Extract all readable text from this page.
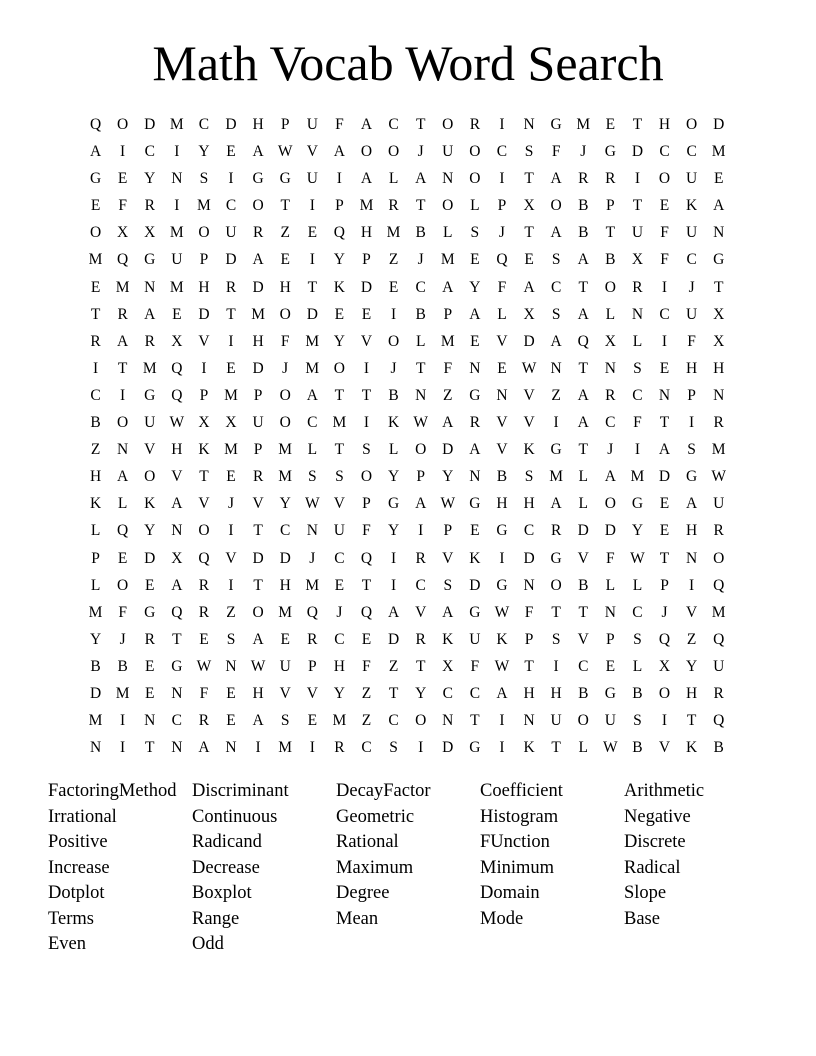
Math Vocab Word Search
Q	O	D M C	D	H	P	U	F	A	C	T	O	R	I	N	G M E	T	H	O	D
A	I	C	I	Y	E	A W V	A	O	O	J	U	O	C	S	F	J	G	D	C	C M
G	E	Y	N	S	I	G	G	U	I	A	L	A	N	O	I	T	A	R	R	I	O	U	E
E	F	R	I	M C	O	T	I	P	M R	T	O	L	P	X	O	B	P	T	E	K	A
O	X	X M O	U	R	Z	E	Q	H M B	L	S	J	T	A	B	T	U	F	U	N
M Q	G	U	P	D	A	E	I	Y	P	Z	J	M E	Q	E	S	A	B	X	F	C	G
E M N M H	R	D	H	T	K	D	E	C	A	Y	F	A	C	T	O	R	I	J	T
T	R	A	E	D	T M O	D	E	E	I	B	P	A	L	X	S	A	L	N	C	U	X
R	A	R	X	V	I	H	F	M Y	V	O	L M E	V	D	A	Q	X	L	I	F	X
I	T M Q	I	E	D	J	M O	I	J	T	F	N	E W N	T	N	S	E	H	H
C	I	G	Q	P	M	P	O	A	T	T	B	N	Z	G	N	V	Z	A	R	C	N	P	N
B	O	U W X	X	U	O	C M	I	K W A	R	V	V	I	A	C	F	T	I	R
Z	N	V	H	K M	P	M L	T	S	L	O	D	A	V	K	G	T	J	I	A	S	M
H	A	O	V	T	E	R M	S	S	O	Y	P	Y	N	B	S	M L	A M D	G W
K	L	K	A	V	J	V	Y W V	P	G	A W G	H	H	A	L	O	G	E	A	U
L	Q	Y	N	O	I	T	C	N	U	F	Y	I	P	E	G	C	R	D	D	Y	E	H	R
P	E	D	X	Q	V	D	D	J	C	Q	I	R	V	K	I	D	G	V	F W T	N	O
L	O	E	A	R	I	T	H M E	T	I	C	S	D	G	N	O	B	L	L	P	I	Q
M	F	G	Q	R	Z	O M Q	J	Q	A	V	A	G W F	T	T	N	C	J	V M
Y	J	R	T	E	S	A	E	R	C	E	D	R	K	U	K	P	S	V	P	S	Q	Z	Q
B	B	E	G W N W U	P	H	F	Z	T	X	F W T	I	C	E	L	X	Y	U
D M E	N	F	E	H	V	V	Y	Z	T	Y	C	C	A	H	H	B	G	B	O	H	R
M	I	N	C	R	E	A	S	E M Z	C	O	N	T	I	N	U	O	U	S	I	T	Q
N	I	T	N	A	N	I	M	I	R	C	S	I	D	G	I	K	T	L W B	V	K	B
FactoringMethod Discriminant	DecayFactor	Coefficient	Arithmetic
Irrational	Continuous	Geometric	Histogram	Negative
Positive	Radicand	Rational	FUnction	Discrete
Increase	Decrease	Maximum	Minimum	Radical
Dotplot	Boxplot	Degree	Domain	Slope
Terms	Range	Mean	Mode	Base
Even	Odd
